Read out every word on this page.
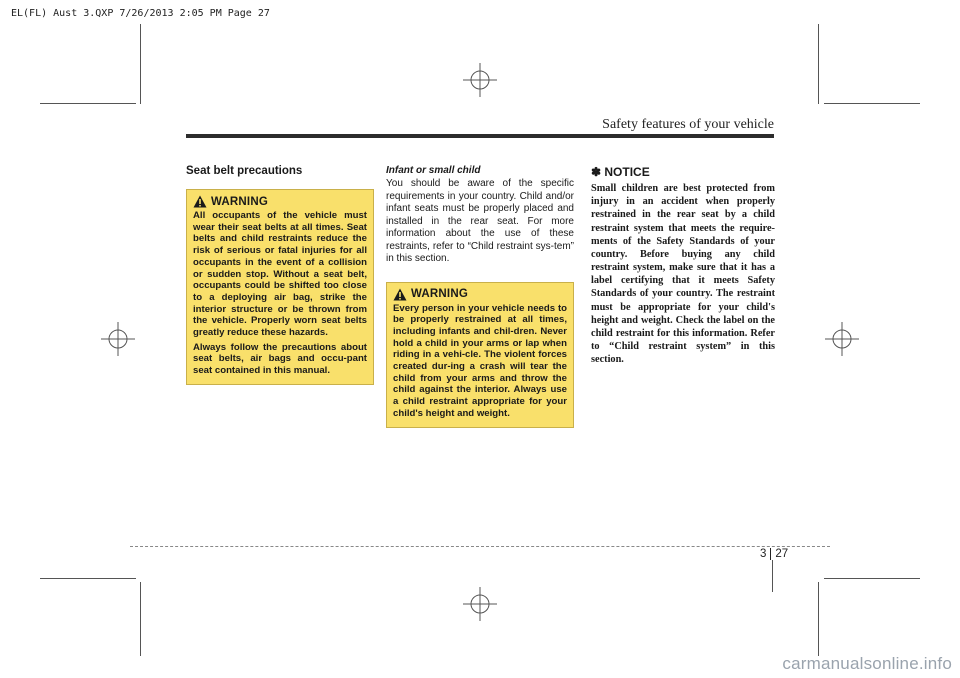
EL(FL) Aust 3.QXP 7/26/2013 2:05 PM Page 27
Safety features of your vehicle
Seat belt precautions
WARNING

All occupants of the vehicle must wear their seat belts at all times. Seat belts and child restraints reduce the risk of serious or fatal injuries for all occupants in the event of a collision or sudden stop. Without a seat belt, occupants could be shifted too close to a deploying air bag, strike the interior structure or be thrown from the vehicle. Properly worn seat belts greatly reduce these hazards.

Always follow the precautions about seat belts, air bags and occu-pant seat contained in this manual.

Infant or small child

You should be aware of the specific requirements in your country. Child and/or infant seats must be properly placed and installed in the rear seat. For more information about the use of these restraints, refer to “Child restraint sys-tem” in this section.

WARNING

Every person in your vehicle needs to be properly restrained at all times, including infants and chil-dren. Never hold a child in your arms or lap when riding in a vehi-cle. The violent forces created dur-ing a crash will tear the child from your arms and throw the child against the interior. Always use a child restraint appropriate for your child's height and weight.

✽ NOTICE

Small children are best protected from injury in an accident when properly restrained in the rear seat by a child restraint system that meets the require-ments of the Safety Standards of your country. Before buying any child restraint system, make sure that it has a label certifying that it meets Safety Standards of your country. The restraint must be appropriate for your child's height and weight. Check the label on the child restraint for this information. Refer to “Child restraint system” in this section.

3 27
carmanualsonline.info
